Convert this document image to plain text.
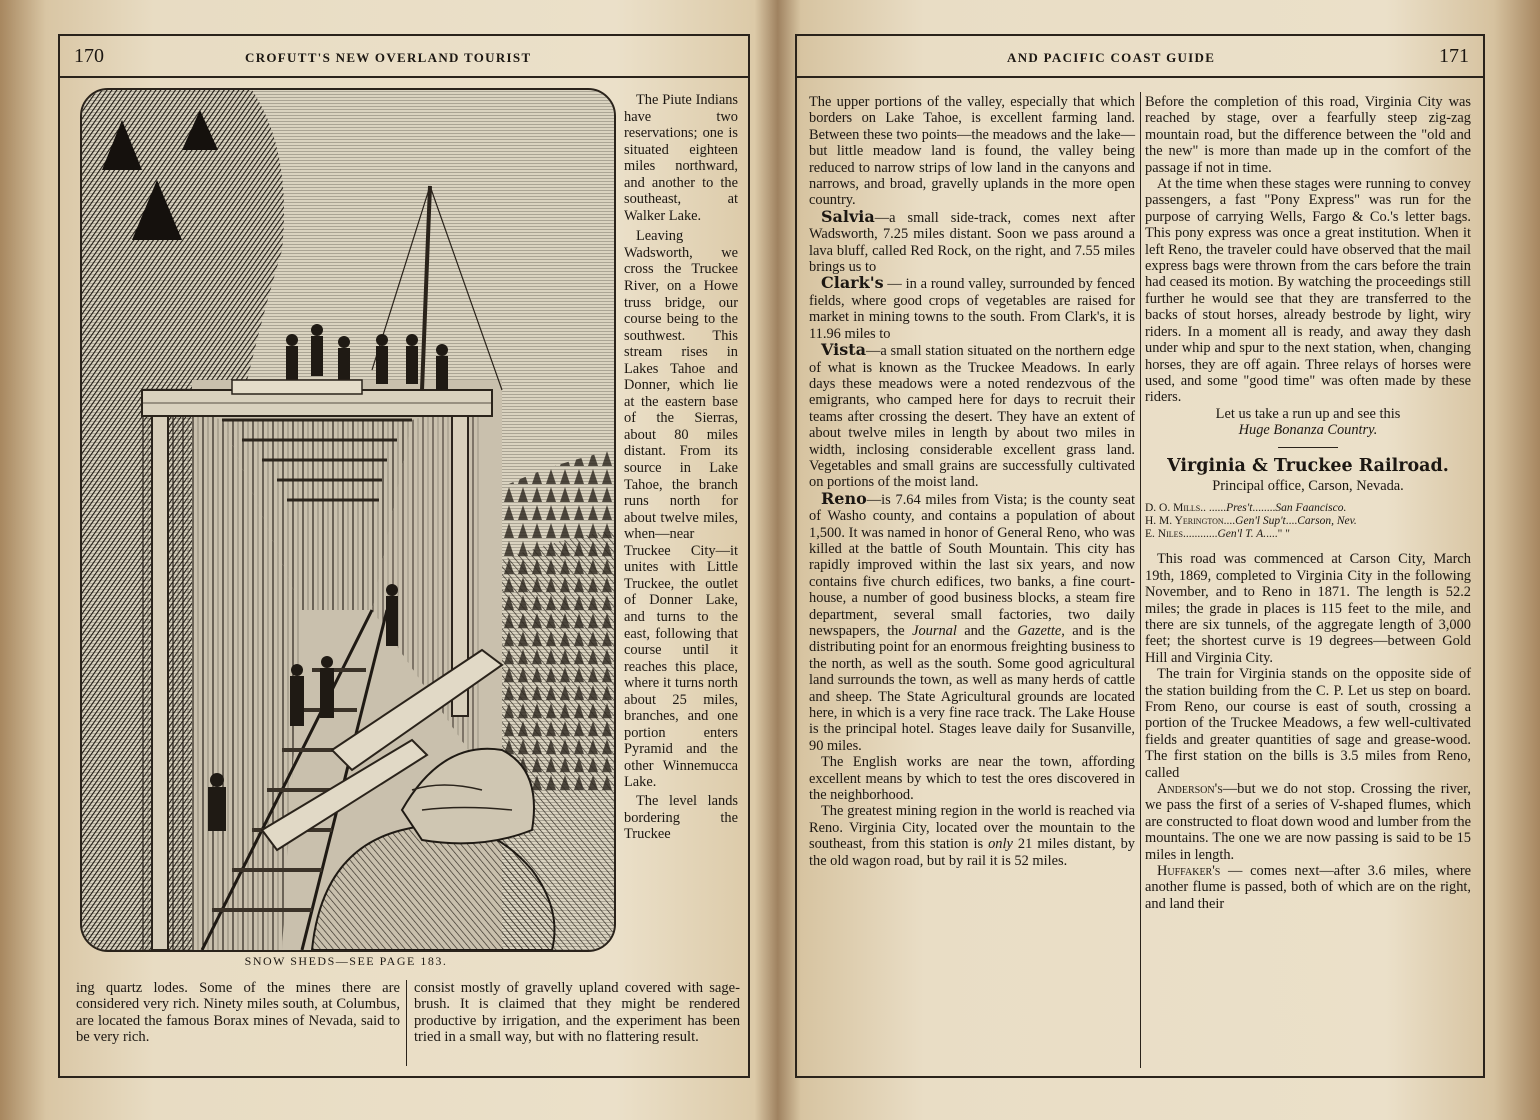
170	CROFUTT'S NEW OVERLAND TOURIST
SNOW SHEDS—SEE PAGE 183.

The Piute Indians have two reservations; one is situated eighteen miles northward, and another to the southeast, at Walker Lake.

Leaving Wadsworth, we cross the Truckee River, on a Howe truss bridge, our course being to the southwest. This stream rises in Lakes Tahoe and Donner, which lie at the eastern base of the Sierras, about 80 miles distant. From its source in Lake Tahoe, the branch runs north for about twelve miles, when—near Truckee City—it unites with Little Truckee, the outlet of Donner Lake, and turns to the east, following that course until it reaches this place, where it turns north about 25 miles, branches, and one portion enters Pyramid and the other Winnemucca Lake.

The level lands bordering the Truckee

ing quartz lodes. Some of the mines there are considered very rich. Ninety miles south, at Columbus, are located the famous Borax mines of Nevada, said to be very rich.

consist mostly of gravelly upland covered with sage-brush. It is claimed that they might be rendered productive by irrigation, and the experiment has been tried in a small way, but with no flattering result.

AND PACIFIC COAST GUIDE	171

The upper portions of the valley, especially that which borders on Lake Tahoe, is excellent farming land. Between these two points—the meadows and the lake—but little meadow land is found, the valley being reduced to narrow strips of low land in the canyons and narrows, and broad, gravelly uplands in the more open country.

Salvia—a small side-track, comes next after Wadsworth, 7.25 miles distant. Soon we pass around a lava bluff, called Red Rock, on the right, and 7.55 miles brings us to

Clark's — in a round valley, surrounded by fenced fields, where good crops of vegetables are raised for market in mining towns to the south. From Clark's, it is 11.96 miles to

Vista—a small station situated on the northern edge of what is known as the Truckee Meadows. In early days these meadows were a noted rendezvous of the emigrants, who camped here for days to recruit their teams after crossing the desert. They have an extent of about twelve miles in length by about two miles in width, inclosing considerable excellent grass land. Vegetables and small grains are successfully cultivated on portions of the moist land.

Reno—is 7.64 miles from Vista; is the county seat of Washo county, and contains a population of about 1,500. It was named in honor of General Reno, who was killed at the battle of South Mountain. This city has rapidly improved within the last six years, and now contains five church edifices, two banks, a fine court-house, a number of good business blocks, a steam fire department, several small factories, two daily newspapers, the Journal and the Gazette, and is the distributing point for an enormous freighting business to the north, as well as the south. Some good agricultural land surrounds the town, as well as many herds of cattle and sheep. The State Agricultural grounds are located here, in which is a very fine race track. The Lake House is the principal hotel. Stages leave daily for Susanville, 90 miles.

The English works are near the town, affording excellent means by which to test the ores discovered in the neighborhood.

The greatest mining region in the world is reached via Reno. Virginia City, located over the mountain to the southeast, from this station is only 21 miles distant, by the old wagon road, but by rail it is 52 miles.

Before the completion of this road, Virginia City was reached by stage, over a fearfully steep zig-zag mountain road, but the difference between the "old and the new" is more than made up in the comfort of the passage if not in time.

At the time when these stages were running to convey passengers, a fast "Pony Express" was run for the purpose of carrying Wells, Fargo & Co.'s letter bags. This pony express was once a great institution. When it left Reno, the traveler could have observed that the mail express bags were thrown from the cars before the train had ceased its motion. By watching the proceedings still further he would see that they are transferred to the backs of stout horses, already bestrode by light, wiry riders. In a moment all is ready, and away they dash under whip and spur to the next station, when, changing horses, they are off again. Three relays of horses were used, and some "good time" was often made by these riders.

Let us take a run up and see this

Huge Bonanza Country.

Virginia & Truckee Railroad.

Principal office, Carson, Nevada.

D. O. Mills.. ......Pres't........San Faancisco.
H. M. Yerington....Gen'l Sup't....Carson, Nev.
E. Niles............Gen'l T. A....." "

This road was commenced at Carson City, March 19th, 1869, completed to Virginia City in the following November, and to Reno in 1871. The length is 52.2 miles; the grade in places is 115 feet to the mile, and there are six tunnels, of the aggregate length of 3,000 feet; the shortest curve is 19 degrees—between Gold Hill and Virginia City.

The train for Virginia stands on the opposite side of the station building from the C. P. Let us step on board. From Reno, our course is east of south, crossing a portion of the Truckee Meadows, a few well-cultivated fields and greater quantities of sage and grease-wood. The first station on the bills is 3.5 miles from Reno, called

Anderson's—but we do not stop. Crossing the river, we pass the first of a series of V-shaped flumes, which are constructed to float down wood and lumber from the mountains. The one we are now passing is said to be 15 miles in length.

Huffaker's — comes next—after 3.6 miles, where another flume is passed, both of which are on the right, and land their
